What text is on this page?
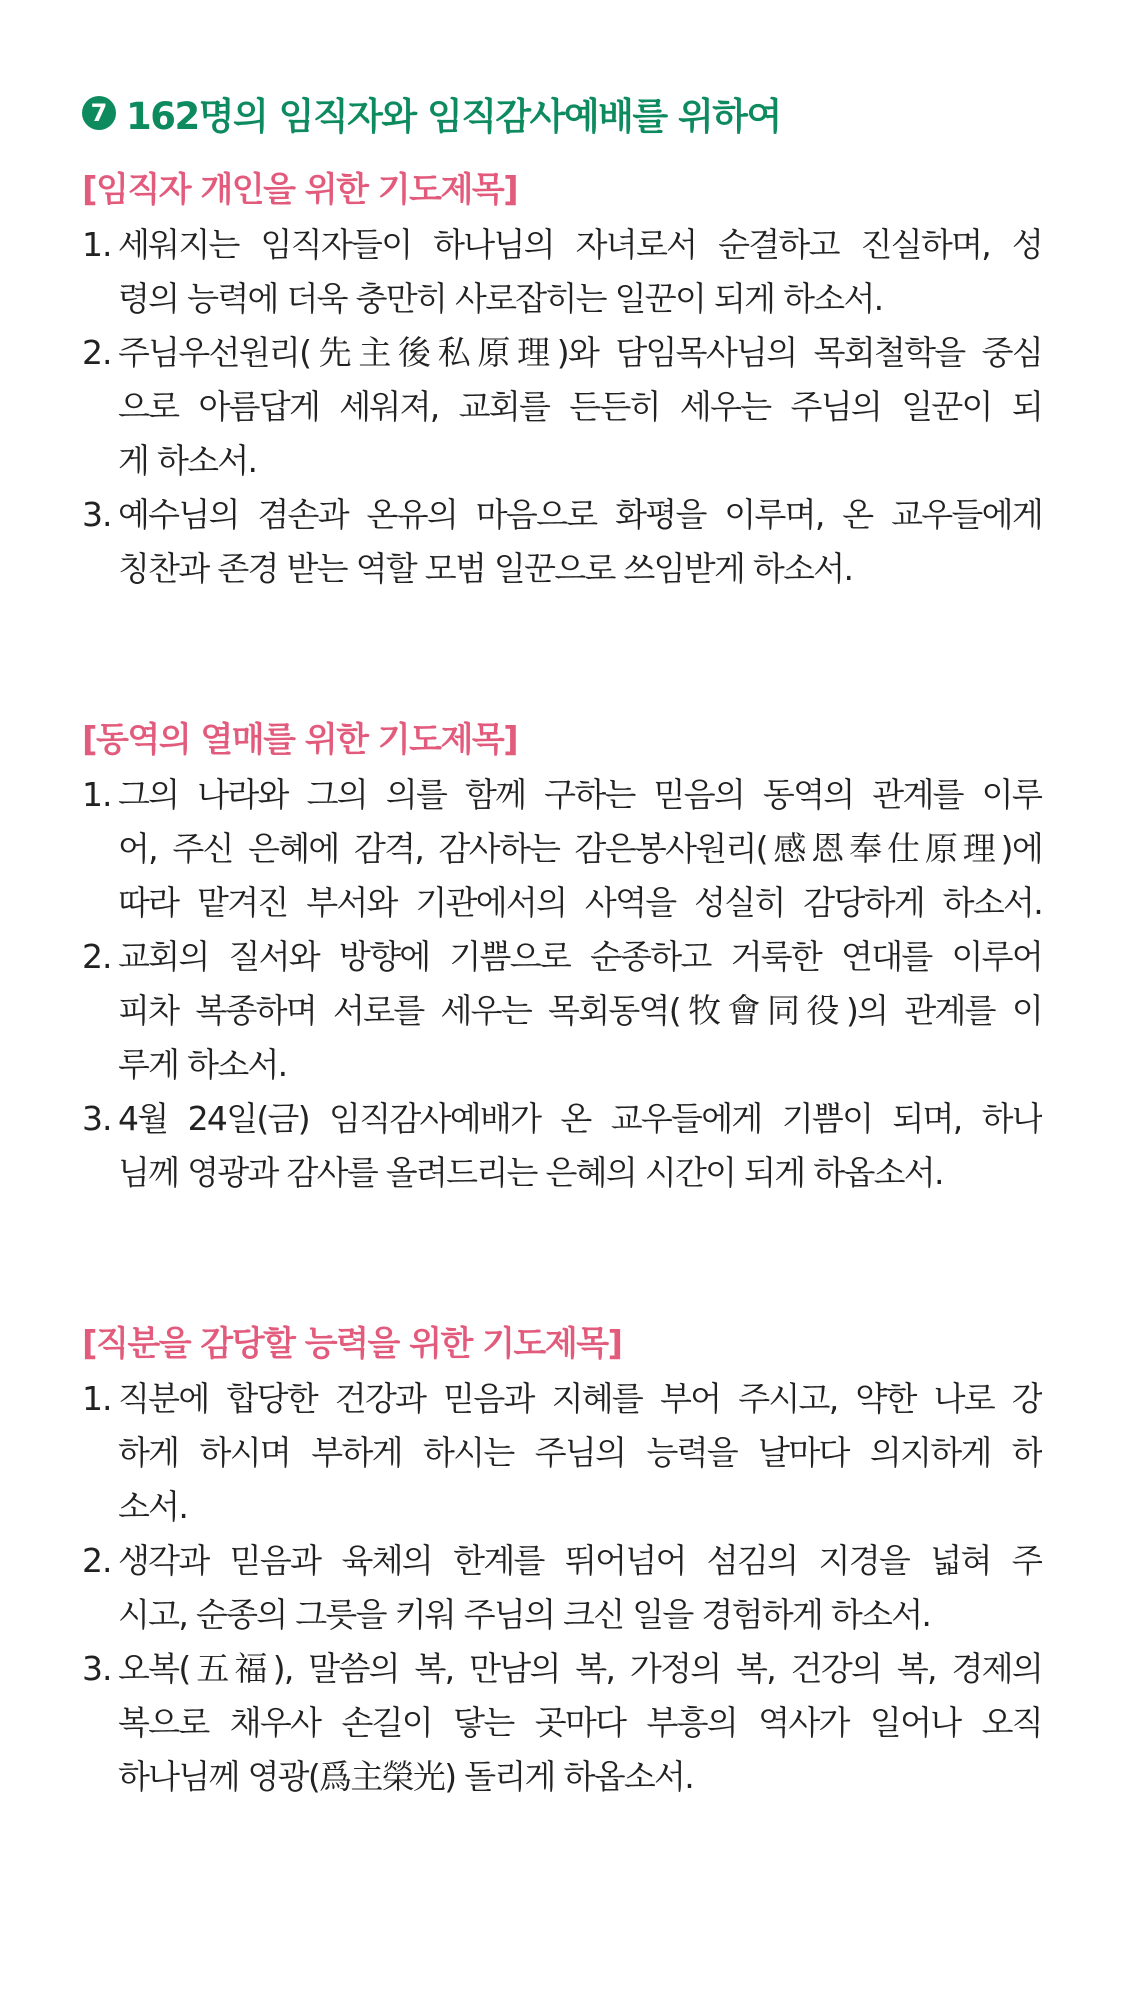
7 162명의 임직자와 임직감사예배를 위하여
[임직자 개인을 위한 기도제목]
1. 세워지는 임직자들이 하나님의 자녀로서 순결하고 진실하며, 성
령의 능력에 더욱 충만히 사로잡히는 일꾼이 되게 하소서.
2. 주님우선원리(先主後私原理)와 담임목사님의 목회철학을 중심
으로 아름답게 세워져, 교회를 든든히 세우는 주님의 일꾼이 되
게 하소서.
3. 예수님의 겸손과 온유의 마음으로 화평을 이루며, 온 교우들에게
칭찬과 존경 받는 역할 모범 일꾼으로 쓰임받게 하소서.
[동역의 열매를 위한 기도제목]
1. 그의 나라와 그의 의를 함께 구하는 믿음의 동역의 관계를 이루
어, 주신 은혜에 감격, 감사하는 감은봉사원리(感恩奉仕原理)에
따라 맡겨진 부서와 기관에서의 사역을 성실히 감당하게 하소서.
2. 교회의 질서와 방향에 기쁨으로 순종하고 거룩한 연대를 이루어
피차 복종하며 서로를 세우는 목회동역(牧會同役)의 관계를 이
루게 하소서.
3. 4월 24일(금) 임직감사예배가 온 교우들에게 기쁨이 되며, 하나
님께 영광과 감사를 올려드리는 은혜의 시간이 되게 하옵소서.
[직분을 감당할 능력을 위한 기도제목]
1. 직분에 합당한 건강과 믿음과 지혜를 부어 주시고, 약한 나로 강
하게 하시며 부하게 하시는 주님의 능력을 날마다 의지하게 하
소서.
2. 생각과 믿음과 육체의 한계를 뛰어넘어 섬김의 지경을 넓혀 주
시고, 순종의 그릇을 키워 주님의 크신 일을 경험하게 하소서.
3. 오복(五福), 말씀의 복, 만남의 복, 가정의 복, 건강의 복, 경제의
복으로 채우사 손길이 닿는 곳마다 부흥의 역사가 일어나 오직
하나님께 영광(爲主榮光) 돌리게 하옵소서.
